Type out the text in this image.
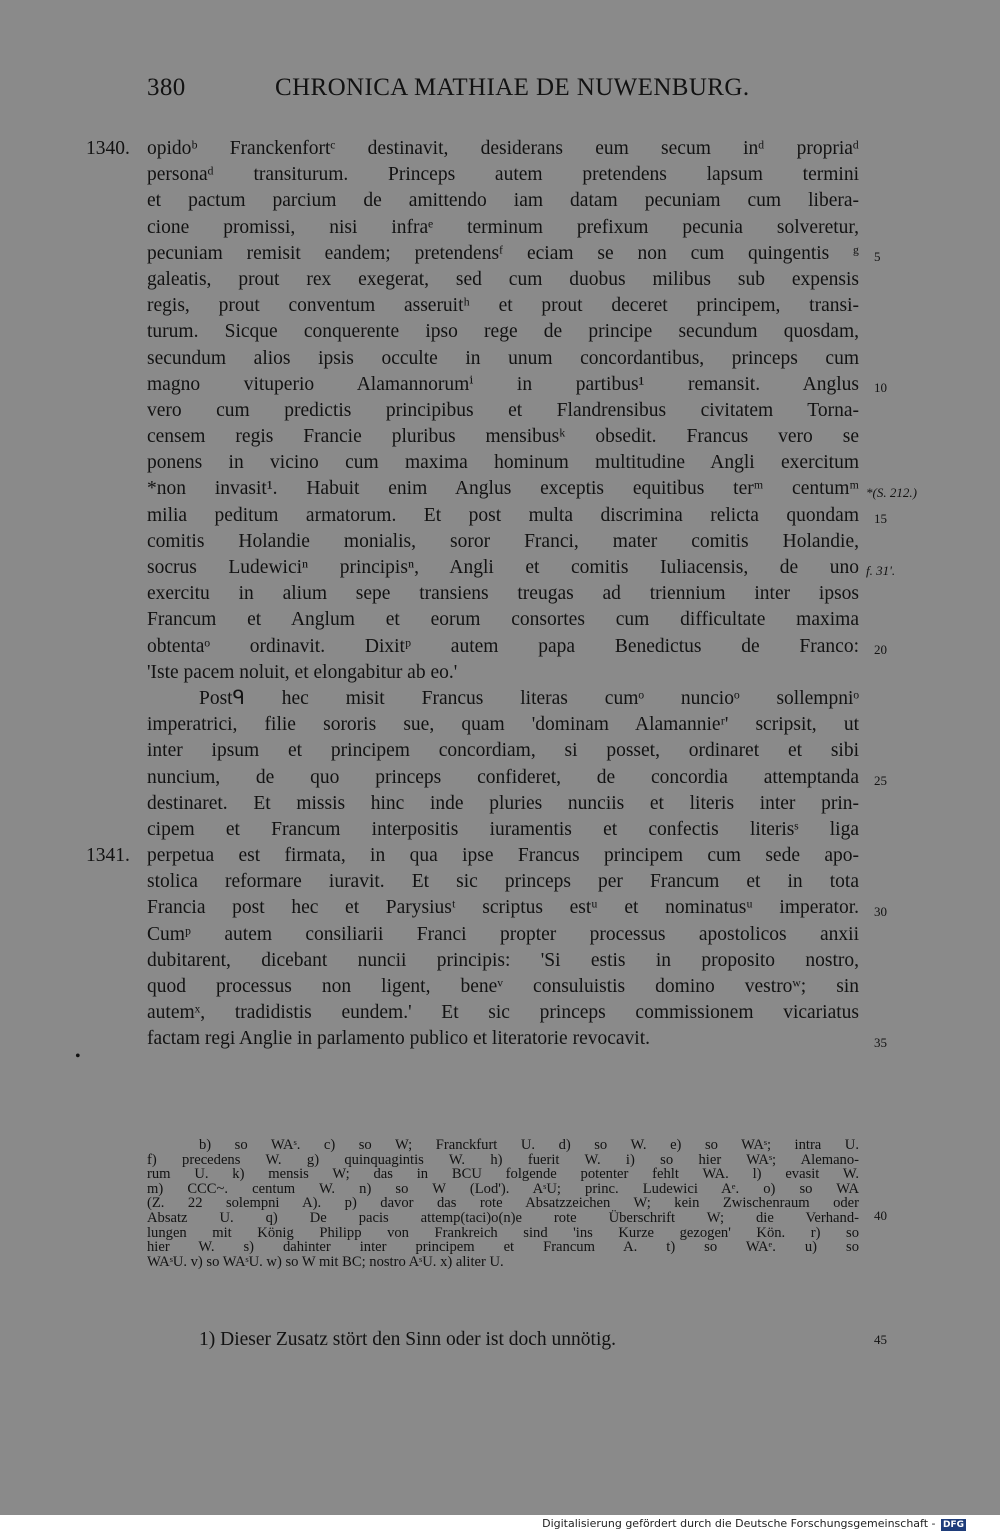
380	CHRONICA MATHIAE DE NUWENBURG.
opidoᵇ Franckenfortᶜ destinavit, desiderans eum secum inᵈ propriaᵈ
personaᵈ transiturum. Princeps autem pretendens lapsum termini
et pactum parcium de amittendo iam datam pecuniam cum libera-
cione promissi, nisi infraᵉ terminum prefixum pecunia solveretur,
pecuniam remisit eandem; pretendensᶠ eciam se non cum quingentis ᵍ
galeatis, prout rex exegerat, sed cum duobus milibus sub expensis
regis, prout conventum asseruitʰ et prout deceret principem, transi-
turum. Sicque conquerente ipso rege de principe secundum quosdam,
secundum alios ipsis occulte in unum concordantibus, princeps cum
magno vituperio Alamannorumⁱ in partibus¹ remansit. Anglus
vero cum predictis principibus et Flandrensibus civitatem Torna-
censem regis Francie pluribus mensibusᵏ obsedit. Francus vero se
ponens in vicino cum maxima hominum multitudine Angli exercitum
*non invasit¹. Habuit enim Anglus exceptis equitibus terᵐ centumᵐ
milia peditum armatorum. Et post multa discrimina relicta quondam
comitis Holandie monialis, soror Franci, mater comitis Holandie,
socrus Ludewiciⁿ principisⁿ, Angli et comitis Iuliacensis, de uno
exercitu in alium sepe transiens treugas ad triennium inter ipsos
Francum et Anglum et eorum consortes cum difficultate maxima
obtentaᵒ ordinavit. Dixitᵖ autem papa Benedictus de Franco:
'Iste pacem noluit, et elongabitur ab eo.'
Postᑫ hec misit Francus literas cumᵒ nuncioᵒ sollempniᵒ
imperatrici, filie sororis sue, quam 'dominam Alamannieʳ' scripsit, ut
inter ipsum et principem concordiam, si posset, ordinaret et sibi
nuncium, de quo princeps confideret, de concordia attemptanda
destinaret. Et missis hinc inde pluries nunciis et literis inter prin-
cipem et Francum interpositis iuramentis et confectis literisˢ liga
perpetua est firmata, in qua ipse Francus principem cum sede apo-
stolica reformare iuravit. Et sic princeps per Francum et in tota
Francia post hec et Parysiusᵗ scriptus estᵘ et nominatusᵘ imperator.
Cumᵖ autem consiliarii Franci propter processus apostolicos anxii
dubitarent, dicebant nuncii principis: 'Si estis in proposito nostro,
quod processus non ligent, beneᵛ consuluistis domino vestroʷ; sin
autemˣ, tradidistis eundem.' Et sic princeps commissionem vicariatus
factam regi Anglie in parlamento publico et literatorie revocavit.
1340.
1341.
5
10
15
20
25
30
35
*(S. 212.)
f. 31'.
•
b) so WAˢ. c) so W; Franckfurt U. d) so W. e) so WAˢ; intra U.
f) precedens W. g) quinquagintis W. h) fuerit W. i) so hier WAˢ; Alemano-
rum U. k) mensis W; das in BCU folgende potenter fehlt WA. l) evasit W.
m) CCC~. centum W. n) so W (Lod'). AˢU; princ. Ludewici Aᵉ. o) so WA
(Z. 22 solempni A). p) davor das rote Absatzzeichen W; kein Zwischenraum oder
Absatz U. q) De pacis attemp(taci)o(n)e rote Überschrift W; die Verhand-
lungen mit König Philipp von Frankreich sind 'ins Kurze gezogen' Kön. r) so
hier W. s) dahinter inter principem et Francum A. t) so WAᵉ. u) so
WAˢU. v) so WAˢU. w) so W mit BC; nostro AˢU. x) aliter U.
40
1) Dieser Zusatz stört den Sinn oder ist doch unnötig.	45
Digitalisierung gefördert durch die Deutsche Forschungsgemeinschaft - DFG
